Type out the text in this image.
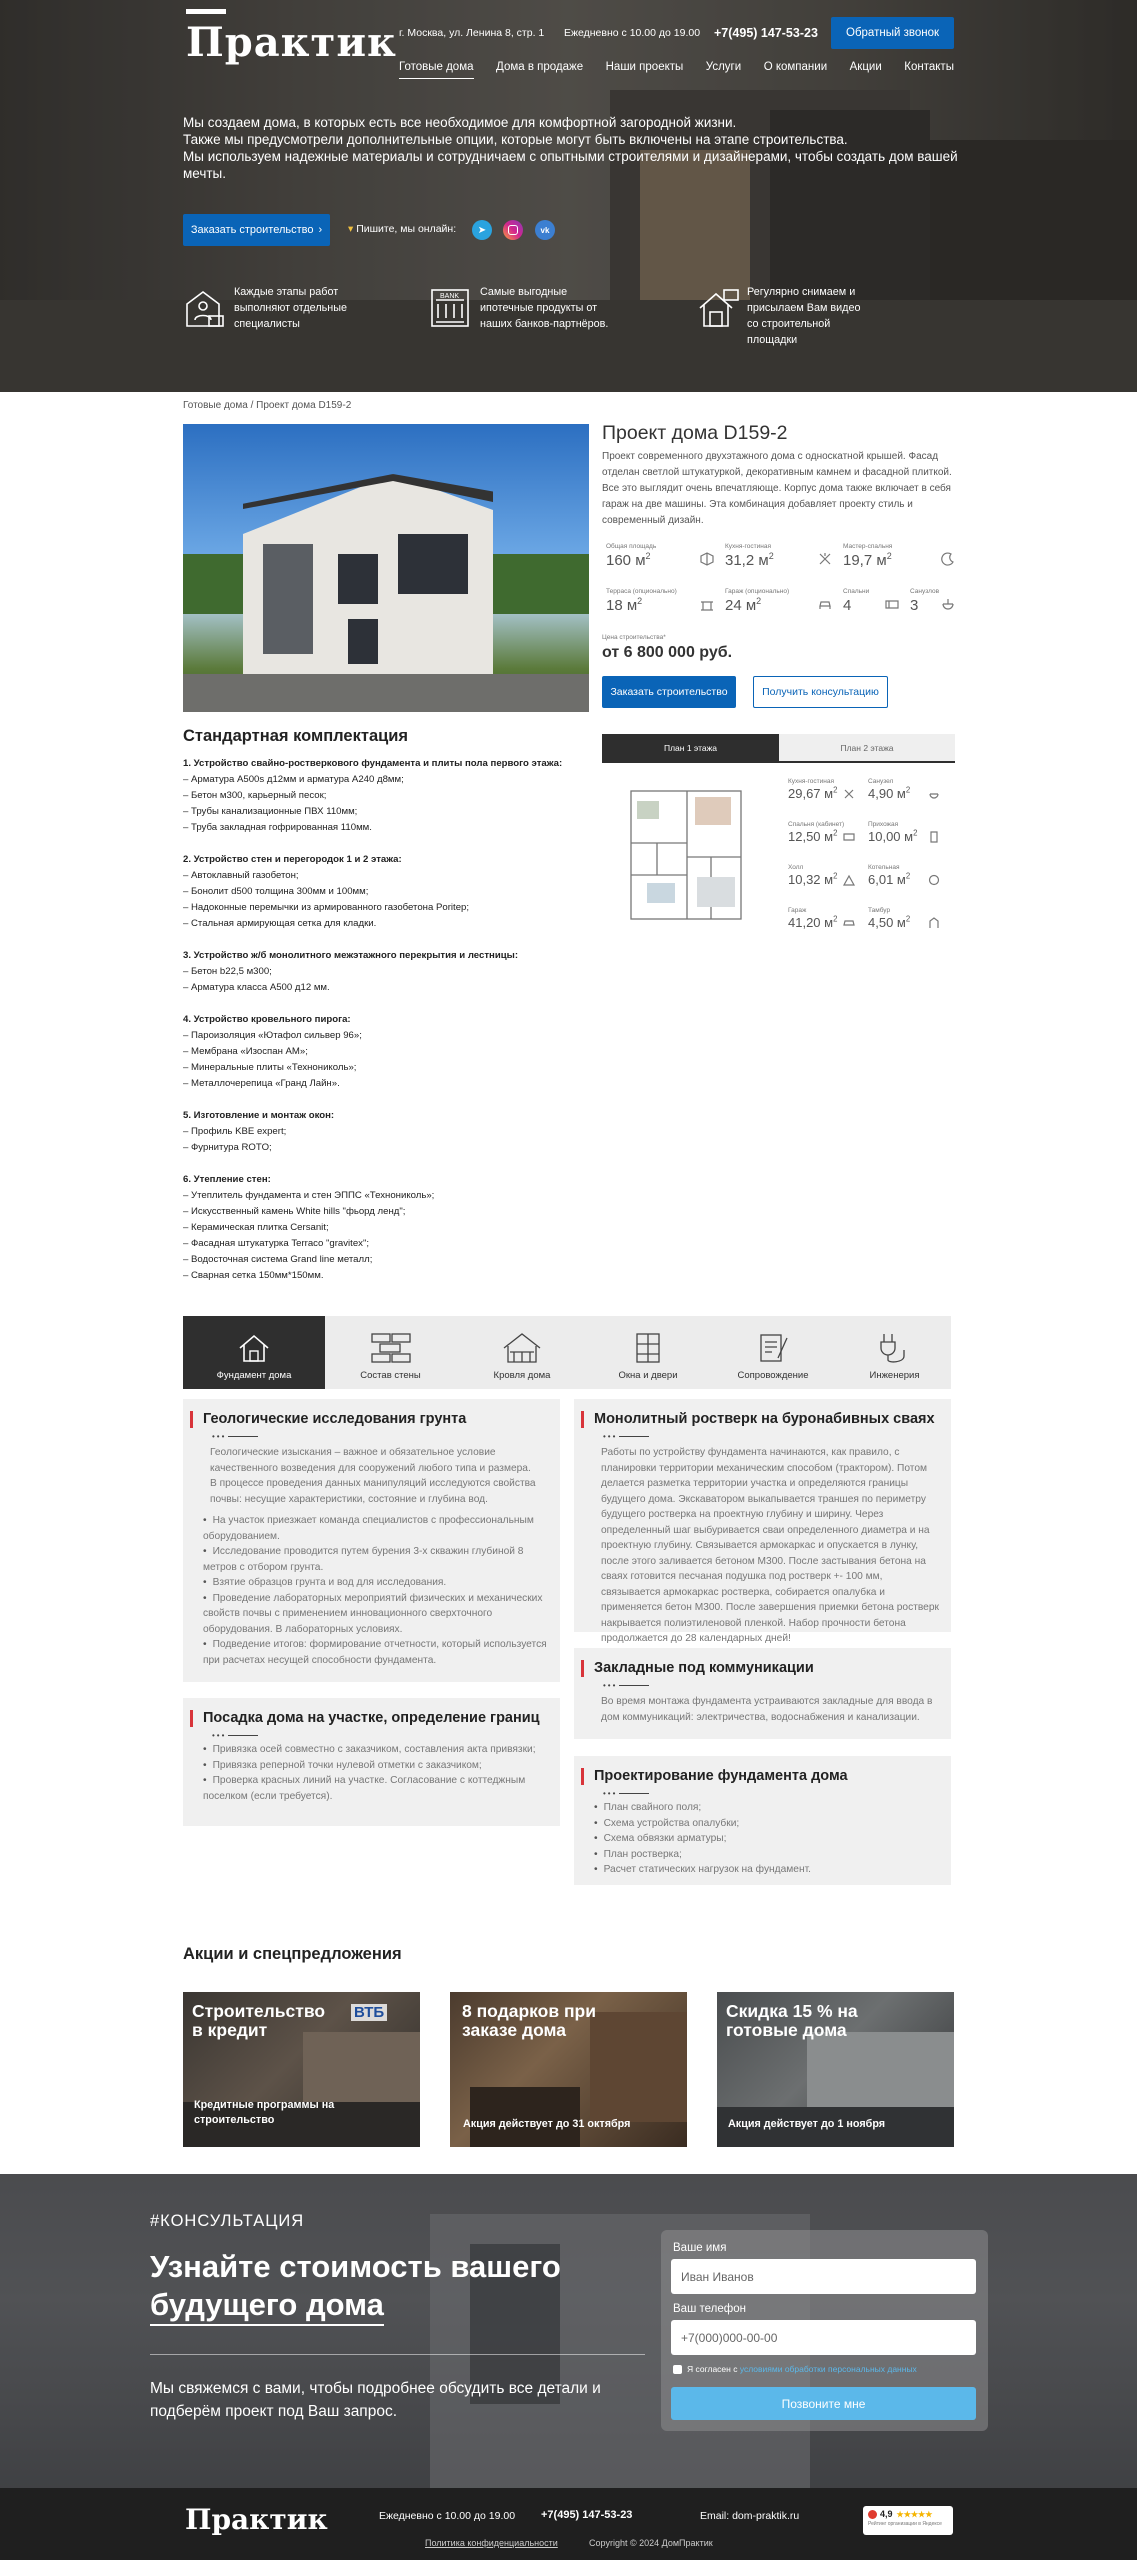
Практик г. Москва, ул. Ленина 8, стр. 1 Ежедневно с 10.00 до 19.00 +7(495) 147-53-23	Обратный звонок
Готовые дома Дома в продаже Наши проекты Услуги О компании Акции Контакты
Мы создаем дома, в которых есть все необходимое для комфортной загородной жизни.
Также мы предусмотрели дополнительные опции, которые могут быть включены на этапе строительства.
Мы используем надежные материалы и сотрудничаем с опытными строителями и дизайнерами, чтобы создать дом вашей мечты.
Заказать строительство › ▾ Пишите, мы онлайн:	➤	vk
Каждые этапы работ выполняют отдельные специалисты
BANK Самые выгодные ипотечные продукты от наших банков-партнёров.
Регулярно снимаем и присылаем Вам видео со строительной площадки
Готовые дома / Проект дома D159-2
Проект дома D159-2
Проект современного двухэтажного дома с односкатной крышей. Фасад отделан светлой штукатуркой, декоративным камнем и фасадной плиткой. Все это выглядит очень впечатляюще. Корпус дома также включает в себя гараж на две машины. Эта комбинация добавляет проекту стиль и современный дизайн.
Общая площадь
160 $м^2$
Кухня-гостиная
31,2 $м^2$
Мастер-спальня
19,7 $м^2$
Терраса (опционально)
18 $м^2$
Гараж (опционально)
24 $м^2$
Спальни
4
Санузлов
3
Цена строительства*
от 6 800 000 руб.
Заказать строительство	Получить консультацию
Стандартная комплектация
1. Устройство свайно-ростверкового фундамента и плиты пола первого этажа:
– Арматура А500s д12мм и арматура А240 д8мм;
– Бетон м300, карьерный песок;
– Трубы канализационные ПВХ 110мм;
– Труба закладная гофрированная 110мм.
2. Устройство стен и перегородок 1 и 2 этажа:
– Автоклавный газобетон;
– Бонолит d500 толщина 300мм и 100мм;
– Надоконные перемычки из армированного газобетона Poritep;
– Стальная армирующая сетка для кладки.
3. Устройство ж/б монолитного межэтажного перекрытия и лестницы:
– Бетон b22,5 м300;
– Арматура класса А500 д12 мм.
4. Устройство кровельного пирога:
– Пароизоляция «Ютафол сильвер 96»;
– Мембрана «Изоспан АМ»;
– Минеральные плиты «Технониколь»;
– Металлочерепица «Гранд Лайн».
5. Изготовление и монтаж окон:
– Профиль KBE expert;
– Фурнитура ROTO;
6. Утепление стен:
– Утеплитель фундамента и стен ЭППС «Технониколь»;
– Искусственный камень White hills "фьорд ленд";
– Керамическая плитка Cersanit;
– Фасадная штукатурка Terraco "gravitex";
– Водосточная система Grand line металл;
– Сварная сетка 150мм*150мм.
План 1 этажа	План 2 этажа
Кухня-гостиная
29,67 $м^2$
Санузел
4,90 $м^2$
Спальня (кабинет)
12,50 $м^2$
Прихожая
10,00 $м^2$
Холл
10,32 $м^2$
Котельная
6,01 $м^2$
Гараж
41,20 $м^2$
Тамбур
4,50 $м^2$
Фундамент дома	Состав стены	Кровля дома	Окна и двери	Сопровождение	Инженерия
Геологические исследования грунта
•••

Геологические изыскания – важное и обязательное условие качественного возведения для сооружений любого типа и размера. В процессе проведения данных манипуляций исследуются свойства почвы: несущие характеристики, состояние и глубина вод.

• На участок приезжает команда специалистов с профессиональным оборудованием.
• Исследование проводится путем бурения 3-х скважин глубиной 8 метров с отбором грунта.
• Взятие образцов грунта и вод для исследования.
• Проведение лабораторных мероприятий физических и механических свойств почвы с применением инновационного сверхточного оборудования. В лабораторных условиях.
• Подведение итогов: формирование отчетности, который используется при расчетах несущей способности фундамента.
Посадка дома на участке, определение границ
•••
• Привязка осей совместно с заказчиком, составления акта привязки;
• Привязка реперной точки нулевой отметки с заказчиком;
• Проверка красных линий на участке. Согласование с коттеджным поселком (если требуется).
Монолитный ростверк на буронабивных сваях
•••

Работы по устройству фундамента начинаются, как правило, с планировки территории механическим способом (трактором). Потом делается разметка территории участка и определяются границы будущего дома. Экскаватором выкапывается траншея по периметру будущего ростверка на проектную глубину и ширину. Через определенный шаг выбуривается сваи определенного диаметра и на проектную глубину. Связывается армокаркас и опускается в лунку, после этого заливается бетоном М300. После застывания бетона на сваях готовится песчаная подушка под ростверк +- 100 мм, связывается армокаркас ростверка, собирается опалубка и применяется бетон М300. После завершения приемки бетона ростверк накрывается полиэтиленовой пленкой. Набор прочности бетона продолжается до 28 календарных дней!

Закладные под коммуникации
•••

Во время монтажа фундамента устраиваются закладные для ввода в дом коммуникаций: электричества, водоснабжения и канализации.

Проектирование фундамента дома
•••
• План свайного поля;
• Схема устройства опалубки;
• Схема обвязки арматуры;
• План ростверка;
• Расчет статических нагрузок на фундамент.
Акции и спецпредложения
ВТБ
Строительство в кредит
Кредитные программы на строительство
8 подарков при заказе дома
Акция действует до 31 октября
Скидка 15 % на готовые дома
Акция действует до 1 ноября
#КОНСУЛЬТАЦИЯ
Узнайте стоимость вашего
будущего дома
Мы свяжемся с вами, чтобы подробнее обсудить все детали и подберём проект под Ваш запрос.
Ваше имя
Иван Иванов
Ваш телефон
+7(000)000-00-00
Я согласен с условиями обработки персональных данных
Позвоните мне
Практик	Ежедневно с 10.00 до 19.00 +7(495) 147-53-23	Email: dom-praktik.ru
Политика конфиденциальности	Copyright © 2024 ДомПрактик
4,9 ★★★★★
Рейтинг организации в Яндексе
